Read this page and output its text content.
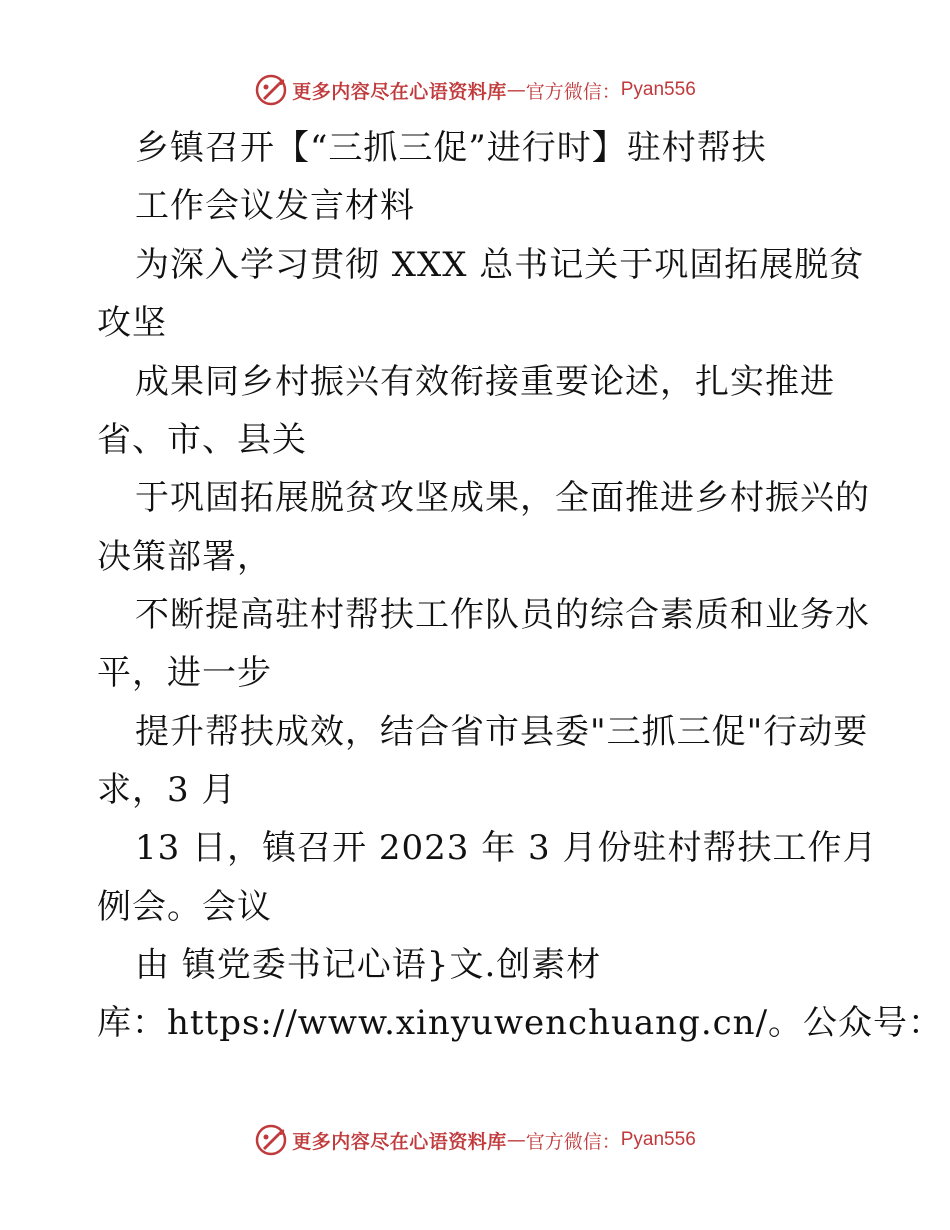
更多内容尽在心语资料库 — 官方微信： Pyan556
乡镇召开【“三抓三促”进行时】驻村帮扶
工作会议发言材料
为深入学习贯彻 XXX 总书记关于巩固拓展脱贫
攻坚
成果同乡村振兴有效衔接重要论述，扎实推进
省、市、县关
于巩固拓展脱贫攻坚成果，全面推进乡村振兴的
决策部署，
不断提高驻村帮扶工作队员的综合素质和业务水
平，进一步
提升帮扶成效，结合省市县委"三抓三促"行动要
求，3 月
13 日，镇召开 2023 年 3 月份驻村帮扶工作月
例会。会议
由 镇党委书记心语}文.创素材
库：https://www.xinyuwenchuang.cn/。公众号：
更多内容尽在心语资料库 — 官方微信： Pyan556
